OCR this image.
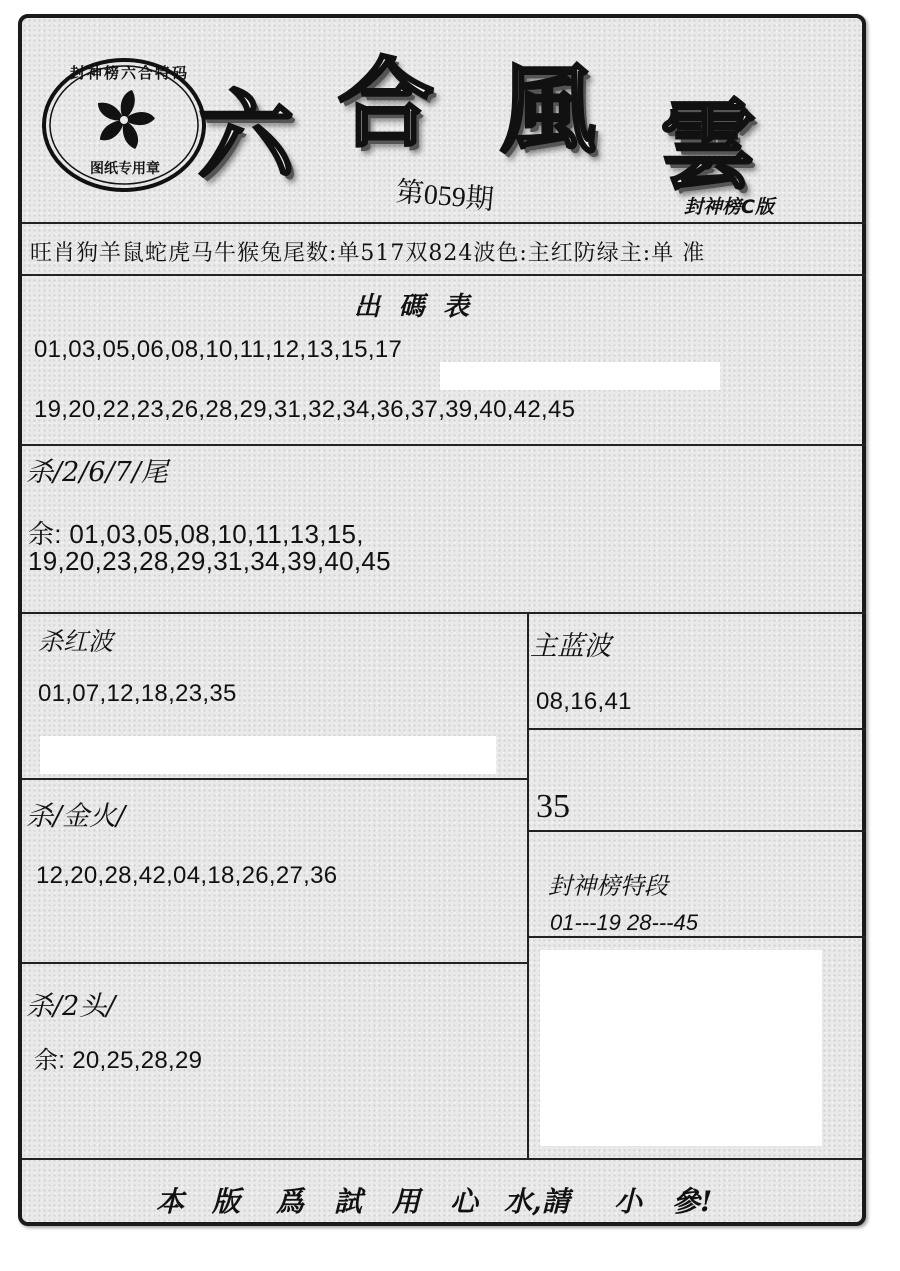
封神榜六合特码
图纸专用章 六 合 風 雲
第059期	封神榜C版
旺肖狗羊鼠蛇虎马牛猴兔尾数:单517双824波色:主红防绿主:单 准
出 碼 表
01,03,05,06,08,10,11,12,13,15,17
19,20,22,23,26,28,29,31,32,34,36,37,39,40,42,45
杀/2/6/7/尾
余: 01,03,05,08,10,11,13,15,
19,20,23,28,29,31,34,39,40,45
杀红波
01,07,12,18,23,35
主蓝波
08,16,41
35
杀/金火/
12,20,28,42,04,18,26,27,36	封神榜特段
01---19 28---45
杀/2头/
余: 20,25,28,29
本 版 爲 試 用 心 水,請 小 參!
